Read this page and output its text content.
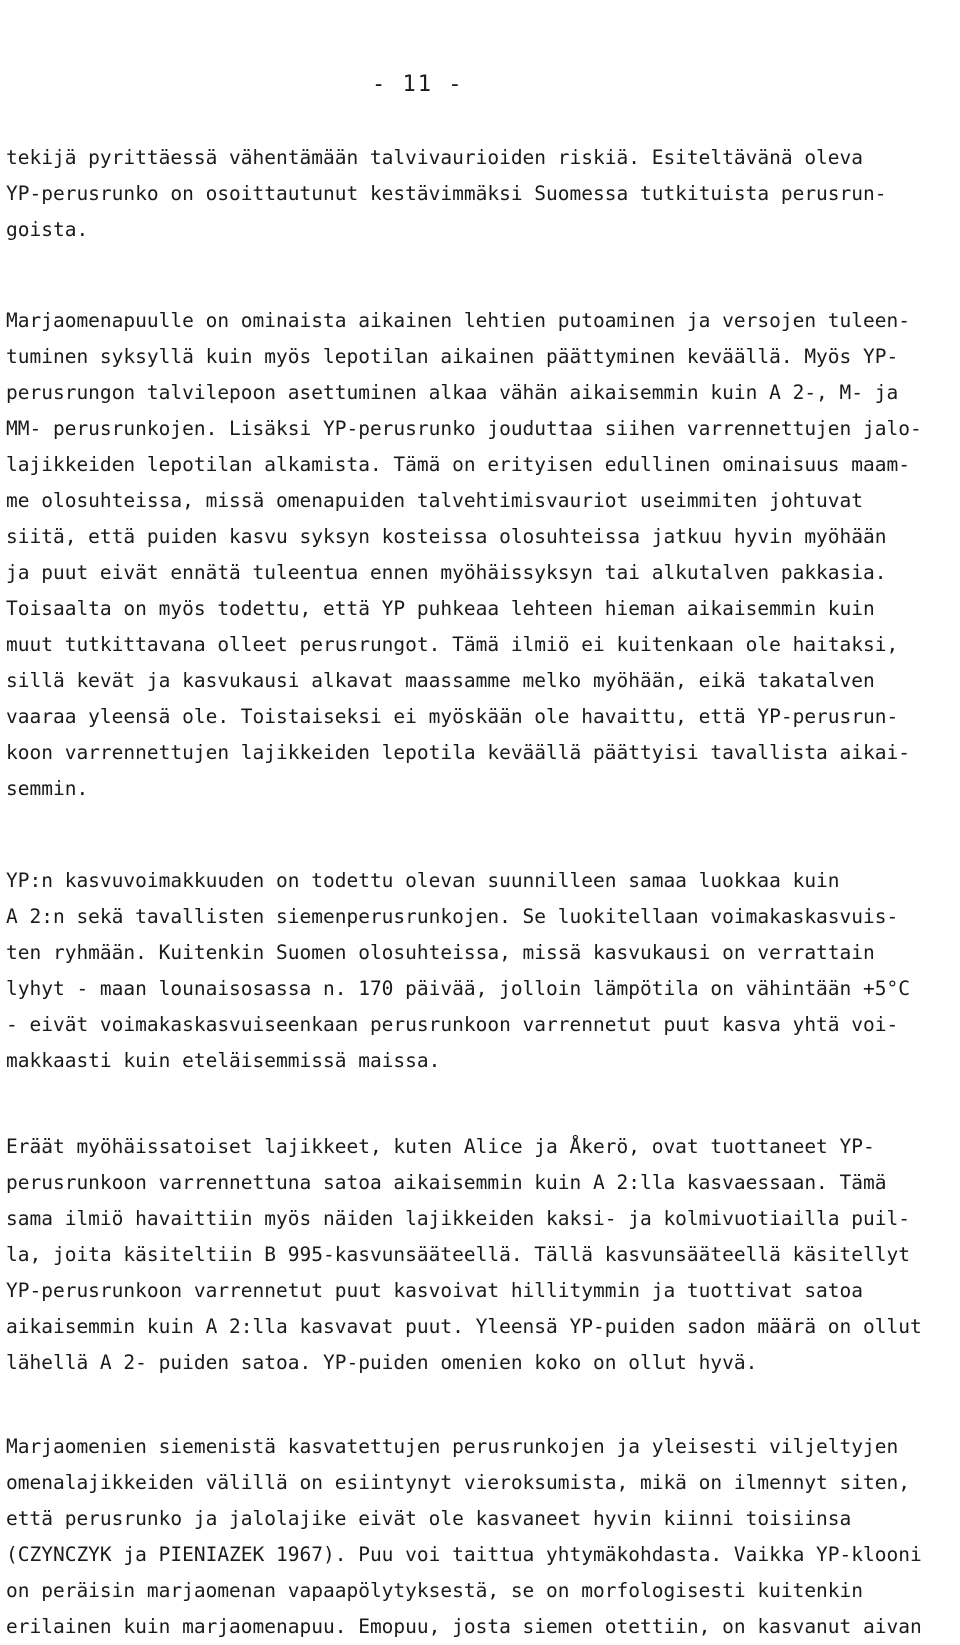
- 11 -
tekijä pyrittäessä vähentämään talvivaurioiden riskiä. Esiteltävänä oleva
YP-perusrunko on osoittautunut kestävimmäksi Suomessa tutkituista perusrun-
goista.
Marjaomenapuulle on ominaista aikainen lehtien putoaminen ja versojen tuleen-
tuminen syksyllä kuin myös lepotilan aikainen päättyminen keväällä. Myös YP-
perusrungon talvilepoon asettuminen alkaa vähän aikaisemmin kuin A 2-, M- ja
MM- perusrunkojen. Lisäksi YP-perusrunko jouduttaa siihen varrennettujen jalo-
lajikkeiden lepotilan alkamista. Tämä on erityisen edullinen ominaisuus maam-
me olosuhteissa, missä omenapuiden talvehtimisvauriot useimmiten johtuvat
siitä, että puiden kasvu syksyn kosteissa olosuhteissa jatkuu hyvin myöhään
ja puut eivät ennätä tuleentua ennen myöhäissyksyn tai alkutalven pakkasia.
Toisaalta on myös todettu, että YP puhkeaa lehteen hieman aikaisemmin kuin
muut tutkittavana olleet perusrungot. Tämä ilmiö ei kuitenkaan ole haitaksi,
sillä kevät ja kasvukausi alkavat maassamme melko myöhään, eikä takatalven
vaaraa yleensä ole. Toistaiseksi ei myöskään ole havaittu, että YP-perusrun-
koon varrennettujen lajikkeiden lepotila keväällä päättyisi tavallista aikai-
semmin.
YP:n kasvuvoimakkuuden on todettu olevan suunnilleen samaa luokkaa kuin
A 2:n sekä tavallisten siemenperusrunkojen. Se luokitellaan voimakaskasvuis-
ten ryhmään. Kuitenkin Suomen olosuhteissa, missä kasvukausi on verrattain
lyhyt - maan lounaisosassa n. 170 päivää, jolloin lämpötila on vähintään +5°C
- eivät voimakaskasvuiseenkaan perusrunkoon varrennetut puut kasva yhtä voi-
makkaasti kuin eteläisemmissä maissa.
Eräät myöhäissatoiset lajikkeet, kuten Alice ja Åkerö, ovat tuottaneet YP-
perusrunkoon varrennettuna satoa aikaisemmin kuin A 2:lla kasvaessaan. Tämä
sama ilmiö havaittiin myös näiden lajikkeiden kaksi- ja kolmivuotiailla puil-
la, joita käsiteltiin B 995-kasvunsääteellä. Tällä kasvunsääteellä käsitellyt
YP-perusrunkoon varrennetut puut kasvoivat hillitymmin ja tuottivat satoa
aikaisemmin kuin A 2:lla kasvavat puut. Yleensä YP-puiden sadon määrä on ollut
lähellä A 2- puiden satoa. YP-puiden omenien koko on ollut hyvä.
Marjaomenien siemenistä kasvatettujen perusrunkojen ja yleisesti viljeltyjen
omenalajikkeiden välillä on esiintynyt vieroksumista, mikä on ilmennyt siten,
että perusrunko ja jalolajike eivät ole kasvaneet hyvin kiinni toisiinsa
(CZYNCZYK ja PIENIAZEK 1967). Puu voi taittua yhtymäkohdasta. Vaikka YP-klooni
on peräisin marjaomenan vapaapölytyksestä, se on morfologisesti kuitenkin
erilainen kuin marjaomenapuu. Emopuu, josta siemen otettiin, on kasvanut aivan
